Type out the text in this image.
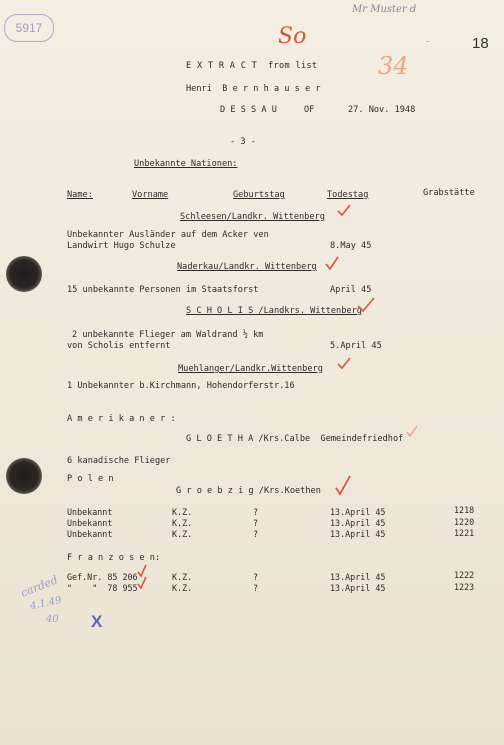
5917
Mr Muster d
18
-
So
34
E X T R A C T  from list
Henri  B e r n h a u s e r
D E S S A U	OF	27. Nov. 1948
- 3 -
Unbekannte Nationen:
Name:	Vorname	Geburtstag	Todestag	Grabstätte
Schleesen/Landkr. Wittenberg
Unbekannter Ausländer auf dem Acker ven
Landwirt Hugo Schulze	8.May 45
Naderkau/Landkr. Wittenberg
15 unbekannte Personen im Staatsforst	April 45
S C H O L I S /Landkrs. Wittenberg
2 unbekannte Flieger am Waldrand ½ km
von Scholis entfernt	5.April 45
Muehlanger/Landkr.Wittenberg
1 Unbekannter b.Kirchmann, Hohendorferstr.16
A m e r i k a n e r :
G L O E T H A /Krs.Calbe  Gemeindefriedhof
6 kanadische Flieger
P o l e n
G r o e b z i g /Krs.Koethen
Unbekannt	K.Z.	?	13.April 45	1218
Unbekannt	K.Z.	?	13.April 45	1220
Unbekannt	K.Z.	?	13.April 45	1221
F r a n z o s e n:
Gef.Nr. 85 206	K.Z.	?	13.April 45	1222
"    "  78 955	K.Z.	?	13.April 45	1223
carded
4.1.49
40 X
